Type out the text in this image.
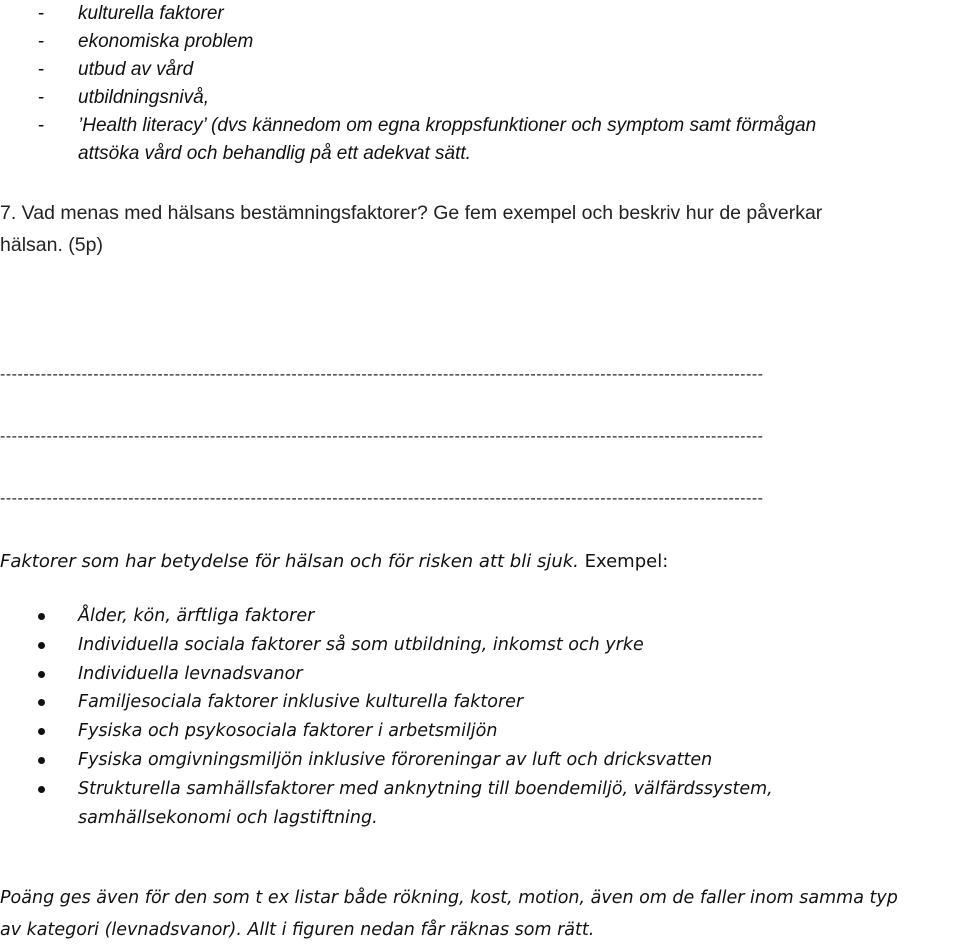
- kulturella faktorer
- ekonomiska problem
- utbud av vård
- utbildningsnivå,
- ’Health literacy’ (dvs kännedom om egna kroppsfunktioner och symptom samt förmågan
attsöka vård och behandlig på ett adekvat sätt.
7. Vad menas med hälsans bestämningsfaktorer? Ge fem exempel och beskriv hur de påverkar
hälsan. (5p)
-----------------------------------------------------------------------------------------------------------------------------------
-----------------------------------------------------------------------------------------------------------------------------------
-----------------------------------------------------------------------------------------------------------------------------------
Faktorer som har betydelse för hälsan och för risken att bli sjuk. Exempel:
Ålder, kön, ärftliga faktorer
Individuella sociala faktorer så som utbildning, inkomst och yrke
Individuella levnadsvanor
Familjesociala faktorer inklusive kulturella faktorer
Fysiska och psykosociala faktorer i arbetsmiljön
Fysiska omgivningsmiljön inklusive föroreningar av luft och dricksvatten
Strukturella samhällsfaktorer med anknytning till boendemiljö, välfärdssystem,
samhällsekonomi och lagstiftning.
Poäng ges även för den som t ex listar både rökning, kost, motion, även om de faller inom samma typ
av kategori (levnadsvanor). Allt i figuren nedan får räknas som rätt.
